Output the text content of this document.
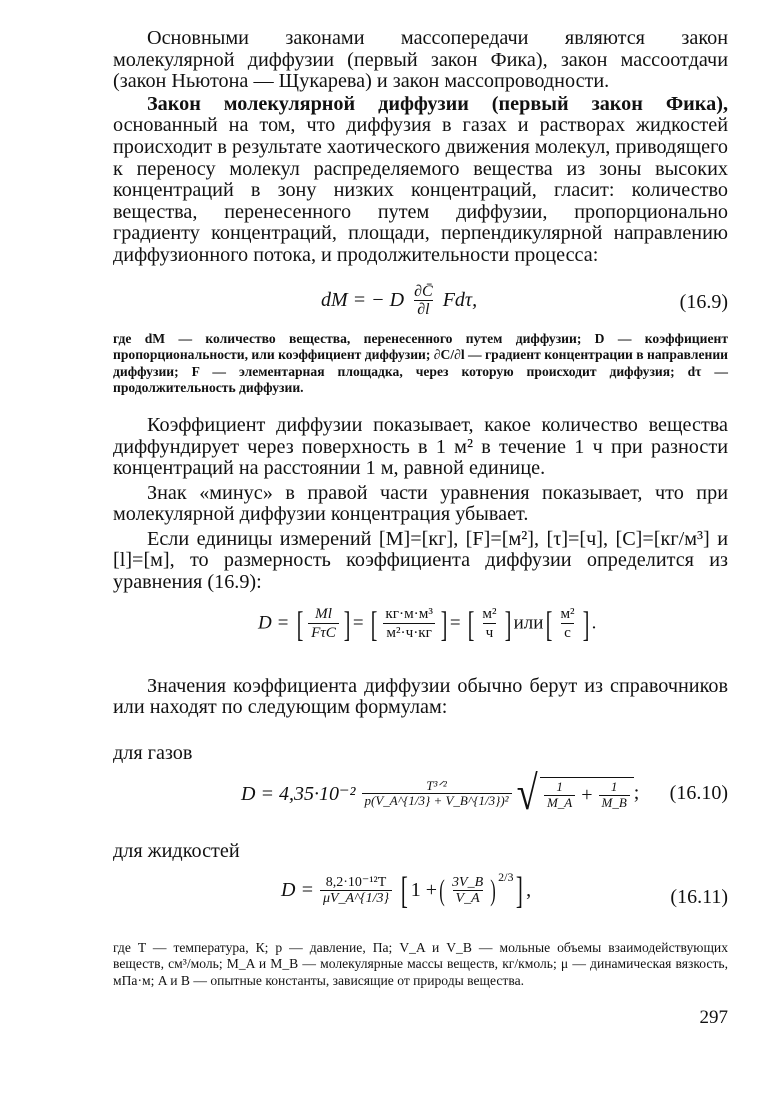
Основными законами массопередачи являются закон молекулярной диффузии (первый закон Фика), закон массоотдачи (закон Ньютона — Щукарева) и закон массопроводности.

Закон молекулярной диффузии (первый закон Фика), основанный на том, что диффузия в газах и растворах жидкостей происходит в результате хаотического движения молекул, приводящего к переносу молекул распределяемого вещества из зоны высоких концентраций в зону низких концентраций, гласит: количество вещества, перенесенного путем диффузии, пропорционально градиенту концентраций, площади, перпендикулярной направлению диффузионного потока, и продолжительности процесса:

dM = − D $\frac{\partial C̄}{\partial l} Fd\tau$,	(16.9)

где dM — количество вещества, перенесенного путем диффузии; D — коэффициент пропорциональности, или коэффициент диффузии; ∂C/∂l — градиент концентрации в направлении диффузии; F — элементарная площадка, через которую происходит диффузия; dτ — продолжительность диффузии.

Коэффициент диффузии показывает, какое количество вещества диффундирует через поверхность в 1 м² в течение 1 ч при разности концентраций на расстоянии 1 м, равной единице.

Знак «минус» в правой части уравнения показывает, что при молекулярной диффузии концентрация убывает.

Если единицы измерений [M]=[кг], [F]=[м²], [τ]=[ч], [C]=[кг/м³] и [l]=[м], то размерность коэффициента диффузии определится из уравнения (16.9):

D = [ $\frac{Ml}{\text{FτC}}$ ] = [ $\frac{\text{кг·м·м³}}{\text{м²·ч·кг}}$ ] = [ $\frac{\text{м²}}{ч}$ ] $или[ \frac{\text{м²}}{с}$ ] .

Значения коэффициента диффузии обычно берут из справочников или находят по следующим формулам:

для газов

$D = 4,35\cdot 10^{-2} \frac{\text{T³ᐟ²}}{\text{p(V\_A\textasciicircum{}\{1/3\} + V\_B\textasciicircum{}\{1/3\})²}}$ √ $\frac{1}{M\_A} + \frac{1}{M\_B}$ ; (16.10)

для жидкостей

$D = \frac{\text{8,2·10⁻¹²T}}{\mu V\_A\^{}\{1/3\}}$ [ 1 + ( $\frac{3V\_B}{V\_A} )^{2/3}$ ] ,	(16.11)

где T — температура, К; p — давление, Па; V_A и V_B — мольные объемы взаимодействующих веществ, см³/моль; M_A и M_B — молекулярные массы веществ, кг/кмоль; μ — динамическая вязкость, мПа·м; A и B — опытные константы, зависящие от природы вещества.

297
